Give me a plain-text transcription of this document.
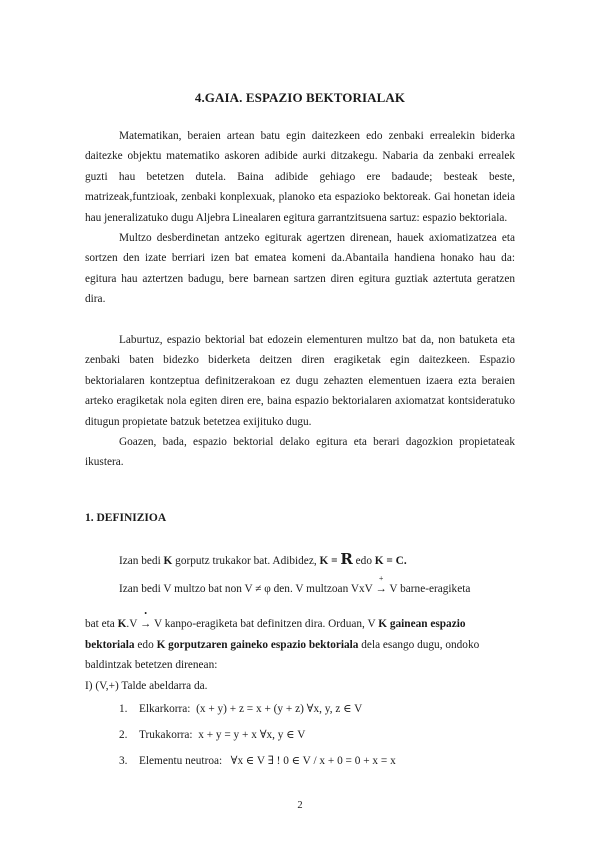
4.GAIA. ESPAZIO BEKTORIALAK

Matematikan, beraien artean batu egin daitezkeen edo zenbaki errealekin biderka daitezke objektu matematiko askoren adibide aurki ditzakegu. Nabaria da zenbaki errealek guzti hau betetzen dutela. Baina adibide gehiago ere badaude; besteak beste, matrizeak,funtzioak, zenbaki konplexuak, planoko eta espazioko bektoreak. Gai honetan ideia hau jeneralizatuko dugu Aljebra Linealaren egitura garrantzitsuena sartuz: espazio bektoriala.

Multzo desberdinetan antzeko egiturak agertzen direnean, hauek axiomatizatzea eta sortzen den izate berriari izen bat ematea komeni da.Abantaila handiena honako hau da: egitura hau aztertzen badugu, bere barnean sartzen diren egitura guztiak aztertuta geratzen dira.

Laburtuz, espazio bektorial bat edozein elementuren multzo bat da, non batuketa eta zenbaki baten bidezko biderketa deitzen diren eragiketak egin daitezkeen. Espazio bektorialaren kontzeptua definitzerakoan ez dugu zehazten elementuen izaera ezta beraien arteko eragiketak nola egiten diren ere, baina espazio bektorialaren axiomatzat kontsideratuko ditugun propietate batzuk betetzea exijituko dugu.

Goazen, bada, espazio bektorial delako egitura eta berari dagozkion propietateak ikustera.

1. DEFINIZIOA
Izan bedi K gorputz trukakor bat. Adibidez, K = R edo K = C.
Izan bedi V multzo bat non V ≠ φ den. V multzoan VxV
+
→ V barne-eragiketa
bat eta K.V
•
→ V kanpo-eragiketa bat definitzen dira. Orduan, V K gainean espazio
bektoriala edo K gorputzaren gaineko espazio bektoriala dela esango dugu, ondoko
baldintzak betetzen direnean:
I) (V,+) Talde abeldarra da.
1. Elkarkorra: (x + y) + z = x + (y + z) ∀x, y, z ∈ V
2. Trukakorra: x + y = y + x ∀x, y ∈ V
3. Elementu neutroa: ∀x ∈ V ∃ ! 0 ∈ V / x + 0 = 0 + x = x
2
